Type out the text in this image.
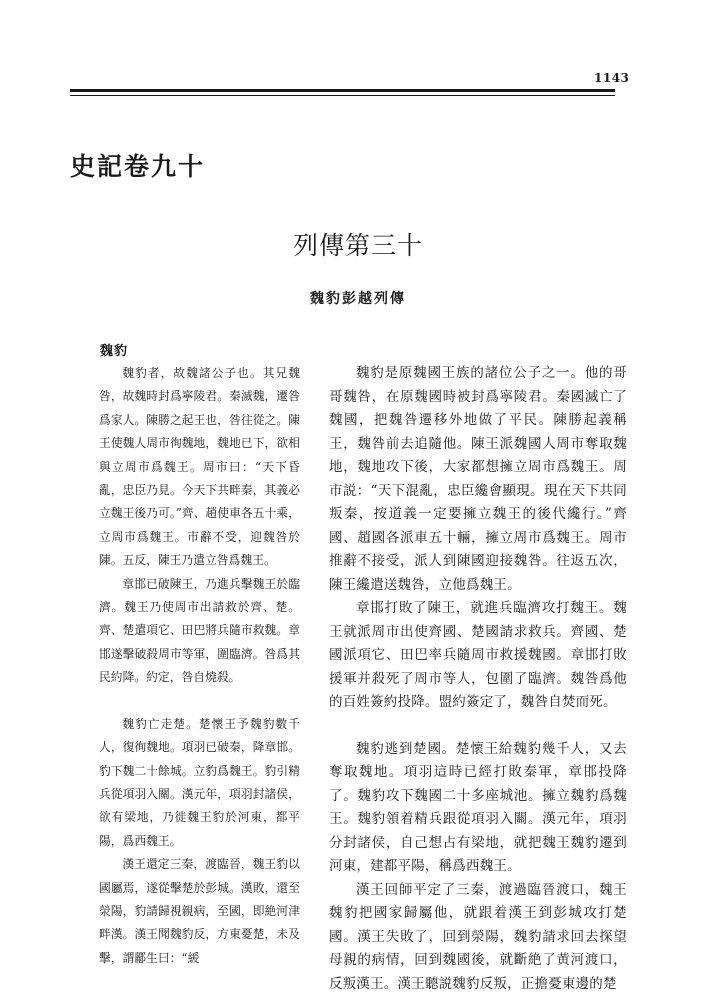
1143
史記卷九十
列傳第三十
魏豹彭越列傳
魏豹

魏豹者，故魏諸公子也。其兄魏咎，故魏時封爲寧陵君。秦滅魏，遷咎爲家人。陳勝之起王也，咎往從之。陳王使魏人周市徇魏地，魏地已下，欲相與立周市爲魏王。周市曰：“天下昏亂，忠臣乃見。今天下共畔秦，其義必立魏王後乃可。”齊、趙使車各五十乘，立周市爲魏王。市辭不受，迎魏咎於陳。五反，陳王乃遣立咎爲魏王。

章邯已破陳王，乃進兵擊魏王於臨濟。魏王乃使周市出請救於齊、楚。齊、楚遣項它、田巴將兵隨市救魏。章邯遂擊破殺周市等軍，圍臨濟。咎爲其民約降。約定，咎自燒殺。

魏豹亡走楚。楚懷王予魏豹數千人，復徇魏地。項羽已破秦，降章邯。豹下魏二十餘城。立豹爲魏王。豹引精兵從項羽入關。漢元年，項羽封諸侯，欲有梁地，乃徙魏王豹於河東，都平陽，爲西魏王。

漢王還定三秦，渡臨晉，魏王豹以國屬焉，遂從擊楚於彭城。漢敗，還至滎陽，豹請歸視親病，至國，即絶河津畔漢。漢王聞魏豹反，方東憂楚，未及擊，謂酈生曰：“緩

魏豹是原魏國王族的諸位公子之一。他的哥哥魏咎，在原魏國時被封爲寧陵君。秦國滅亡了魏國，把魏咎遷移外地做了平民。陳勝起義稱王，魏咎前去追隨他。陳王派魏國人周市奪取魏地，魏地攻下後，大家都想擁立周市爲魏王。周市説：“天下混亂，忠臣纔會顯現。現在天下共同叛秦，按道義一定要擁立魏王的後代纔行。”齊國、趙國各派車五十輛，擁立周市爲魏王。周市推辭不接受，派人到陳國迎接魏咎。往返五次，陳王纔遣送魏咎，立他爲魏王。

章邯打敗了陳王，就進兵臨濟攻打魏王。魏王就派周市出使齊國、楚國請求救兵。齊國、楚國派項它、田巴率兵隨周市救援魏國。章邯打敗援軍并殺死了周市等人，包圍了臨濟。魏咎爲他的百姓簽約投降。盟約簽定了，魏咎自焚而死。

魏豹逃到楚國。楚懷王給魏豹幾千人，又去奪取魏地。項羽這時已經打敗秦軍，章邯投降了。魏豹攻下魏國二十多座城池。擁立魏豹爲魏王。魏豹領着精兵跟從項羽入關。漢元年，項羽分封諸侯，自己想占有梁地，就把魏王魏豹遷到河東，建都平陽，稱爲西魏王。

漢王回師平定了三秦，渡過臨晉渡口，魏王魏豹把國家歸屬他，就跟着漢王到彭城攻打楚國。漢王失敗了，回到滎陽，魏豹請求回去探望母親的病情，回到魏國後，就斷絶了黄河渡口，反叛漢王。漢王聽説魏豹反叛，正擔憂東邊的楚
